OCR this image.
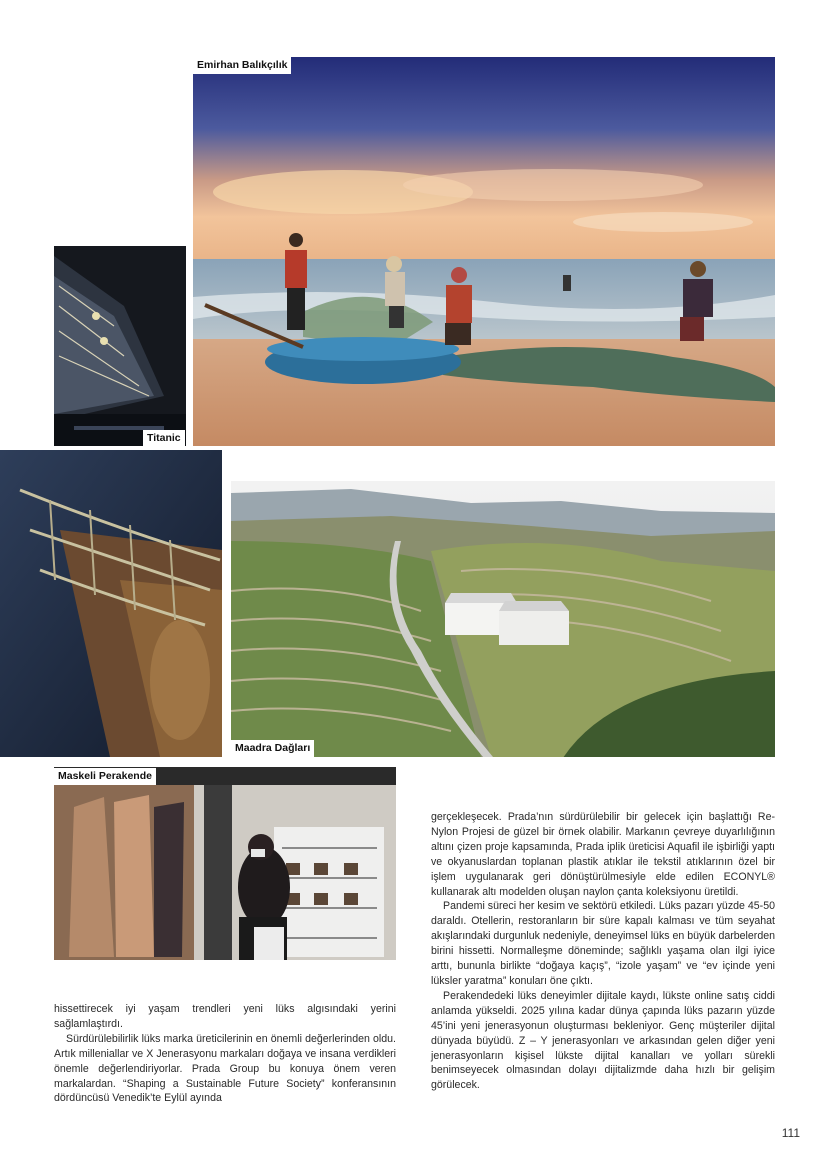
Emirhan Balıkçılık
Titanic
Maadra Dağları
Maskeli Perakende

hissettirecek iyi yaşam trendleri yeni lüks algısındaki yerini sağlamlaştırdı.

Sürdürülebilirlik lüks marka üreticilerinin en önemli değerlerinden oldu. Artık milleniallar ve X Jenerasyonu markaları doğaya ve insana verdikleri önemle değerlendiriyorlar. Prada Group bu konuya önem veren markalardan. “Shaping a Sustainable Future Society” konferansının dördüncüsü Venedik’te Eylül ayında

gerçekleşecek. Prada’nın sürdürülebilir bir gelecek için başlattığı Re-Nylon Projesi de güzel bir örnek olabilir. Markanın çevreye duyarlılığının altını çizen proje kapsamında, Prada iplik üreticisi Aquafil ile işbirliği yaptı ve okyanuslardan toplanan plastik atıklar ile tekstil atıklarının özel bir işlem uygulanarak geri dönüştürülmesiyle elde edilen ECONYL® kullanarak altı modelden oluşan naylon çanta koleksiyonu üretildi.

Pandemi süreci her kesim ve sektörü etkiledi. Lüks pazarı yüzde 45-50 daraldı. Otellerin, restoranların bir süre kapalı kalması ve tüm seyahat akışlarındaki durgunluk nedeniyle, deneyimsel lüks en büyük darbelerden birini hissetti. Normalleşme döneminde; sağlıklı yaşama olan ilgi iyice arttı, bununla birlikte “doğaya kaçış”, “izole yaşam” ve “ev içinde yeni lüksler yaratma” konuları öne çıktı.

Perakendedeki lüks deneyimler dijitale kaydı, lükste online satış ciddi anlamda yükseldi. 2025 yılına kadar dünya çapında lüks pazarın yüzde 45’ini yeni jenerasyonun oluşturması bekleniyor. Genç müşteriler dijital dünyada büyüdü. Z – Y jenerasyonları ve arkasından gelen diğer yeni jenerasyonların kişisel lükste dijital kanalları ve yolları sürekli benimseyecek olmasından dolayı dijitalizmde daha hızlı bir gelişim görülecek.

111
